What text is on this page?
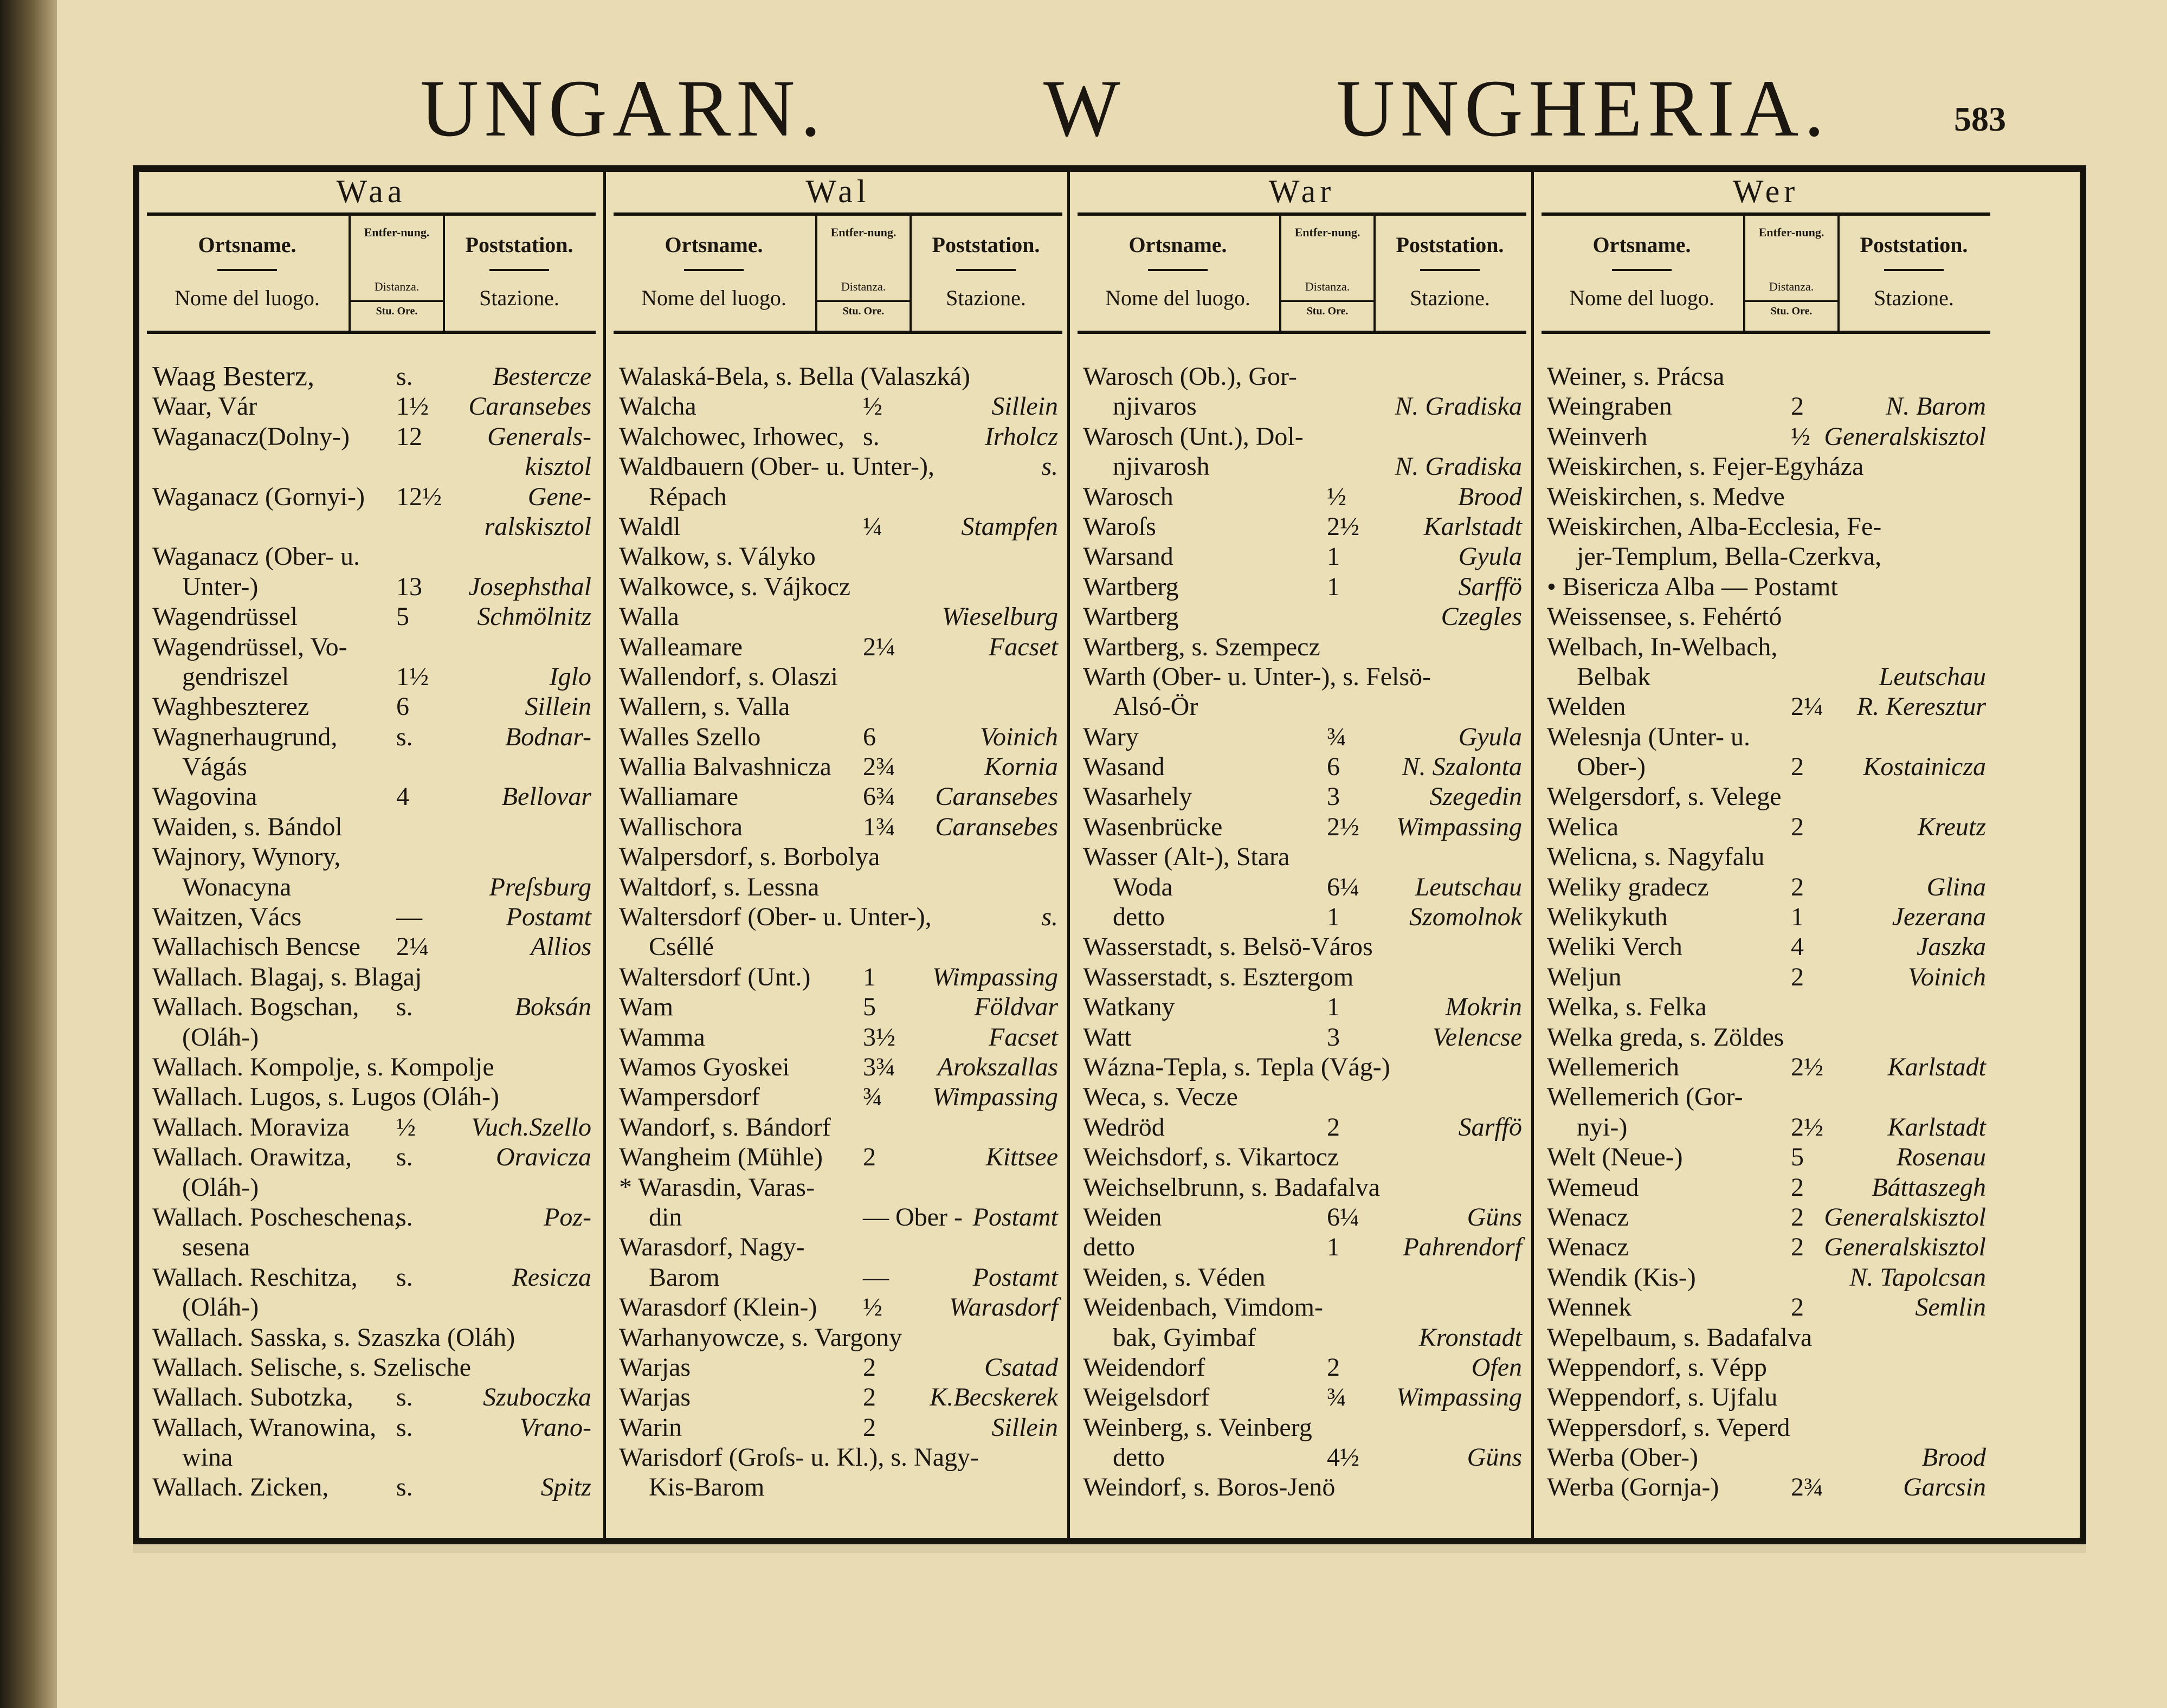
UNGARN.	W	UNGHERIA.	583
Waa
Ortsname.
Nome del luogo.
Entfer-nung.
Distanza.
Stu. Ore.
Poststation.
Stazione.
Waag Besterz,	s.	Bestercze
Waar, Vár	1½ Caransebes
Waganacz(Dolny-) 12	Generals-
kisztol
Waganacz (Gornyi-) 12½	Gene-
ralskisztol
Waganacz (Ober- u.
Unter-)	13 Josephsthal
Wagendrüssel	5	Schmölnitz
Wagendrüssel, Vo-
gendriszel	1½	Iglo
Waghbeszterez	6	Sillein
Wagnerhaugrund, s.	Bodnar-
Vágás
Wagovina	4	Bellovar
Waiden, s. Bándol
Wajnory, Wynory,
Wonacyna	Preſsburg
Waitzen, Vács	—	Postamt
Wallachisch Bencse 2¼	Allios
Wallach. Blagaj, s. Blagaj
Wallach. Bogschan, s.	Boksán
(Oláh-)
Wallach. Kompolje, s. Kompolje
Wallach. Lugos, s. Lugos (Oláh-)
Wallach. Moraviza ½ Vuch.Szello
Wallach. Orawitza, s.	Oravicza
(Oláh-)
Wallach. Poscheschena,
s.	Poz-
sesena
Wallach. Reschitza, s.	Resicza
(Oláh-)
Wallach. Sasska, s. Szaszka (Oláh)
Wallach. Selische, s. Szelische
Wallach. Subotzka, s.	Szuboczka
Wallach, Wranowina, s.	Vrano-
wina
Wallach. Zicken,	s.	Spitz
Wal
Ortsname.
Nome del luogo.
Entfer-nung.
Distanza.
Stu. Ore.
Poststation.
Stazione.
Walaská-Bela, s. Bella (Valaszká)
Walcha	½	Sillein
Walchowec, Irhowec, s.	Irholcz
Waldbauern (Ober- u. Unter-),	s.
Répach
Waldl	¼	Stampfen
Walkow, s. Vályko
Walkowce, s. Vájkocz
Walla	Wieselburg
Walleamare	2¼	Facset
Wallendorf, s. Olaszi
Wallern, s. Valla
Walles Szello	6	Voinich
Wallia Balvashnicza 2¾	Kornia
Walliamare	6¾ Caransebes
Wallischora	1¾ Caransebes
Walpersdorf, s. Borbolya
Waltdorf, s. Lessna
Waltersdorf (Ober- u. Unter-),	s.
Cséllé
Waltersdorf (Unt.) 1 Wimpassing
Wam	5	Földvar
Wamma	3½	Facset
Wamos Gyoskei	3¾ Arokszallas
Wampersdorf	¾ Wimpassing
Wandorf, s. Bándorf
Wangheim (Mühle) 2	Kittsee
* Warasdin, Varas-
din	— Ober - Postamt
Warasdorf, Nagy-
Barom	—	Postamt
Warasdorf (Klein-) ½	Warasdorf
Warhanyowcze, s. Vargony
Warjas	2	Csatad
Warjas	2 K.Becskerek
Warin	2	Sillein
Warisdorf (Groſs- u. Kl.), s. Nagy-
Kis-Barom
War
Ortsname.
Nome del luogo.
Entfer-nung.
Distanza.
Stu. Ore.
Poststation.
Stazione.
Warosch (Ob.), Gor-
njivaros	N. Gradiska
Warosch (Unt.), Dol-
njivarosh	N. Gradiska
Warosch	½	Brood
Waroſs	2½ Karlstadt
Warsand	1	Gyula
Wartberg	1	Sarffö
Wartberg	Czegles
Wartberg, s. Szempecz
Warth (Ober- u. Unter-), s. Felsö-
Alsó-Ör
Wary	¾	Gyula
Wasand	6 N. Szalonta
Wasarhely	3	Szegedin
Wasenbrücke	2½ Wimpassing
Wasser (Alt-), Stara
Woda	6¼ Leutschau
detto	1	Szomolnok
Wasserstadt, s. Belsö-Város
Wasserstadt, s. Esztergom
Watkany	1	Mokrin
Watt	3	Velencse
Wázna-Tepla, s. Tepla (Vág-)
Weca, s. Vecze
Wedröd	2	Sarffö
Weichsdorf, s. Vikartocz
Weichselbrunn, s. Badafalva
Weiden	6¼	Güns
detto	1 Pahrendorf
Weiden, s. Véden
Weidenbach, Vimdom-
bak, Gyimbaf	Kronstadt
Weidendorf	2	Ofen
Weigelsdorf	¾ Wimpassing
Weinberg, s. Veinberg
detto	4½	Güns
Weindorf, s. Boros-Jenö
Wer
Ortsname.
Nome del luogo.
Entfer-nung.
Distanza.
Stu. Ore.
Poststation.
Stazione.
Weiner, s. Prácsa
Weingraben	2	N. Barom
Weinverh	½ Generalskisztol
Weiskirchen, s. Fejer-Egyháza
Weiskirchen, s. Medve
Weiskirchen, Alba-Ecclesia, Fe-
jer-Templum, Bella-Czerkva,
• Bisericza Alba — Postamt
Weissensee, s. Fehértó
Welbach, In-Welbach,
Belbak	Leutschau
Welden	2¼ R. Keresztur
Welesnja (Unter- u.
Ober-)	2 Kostainicza
Welgersdorf, s. Velege
Welica	2	Kreutz
Welicna, s. Nagyfalu
Weliky gradecz	2	Glina
Welikykuth	1	Jezerana
Weliki Verch	4	Jaszka
Weljun	2	Voinich
Welka, s. Felka
Welka greda, s. Zöldes
Wellemerich	2½ Karlstadt
Wellemerich (Gor-
nyi-)	2½ Karlstadt
Welt (Neue-)	5	Rosenau
Wemeud	2	Báttaszegh
Wenacz	2 Generalskisztol
Wenacz	2 Generalskisztol
Wendik (Kis-)	N. Tapolcsan
Wennek	2	Semlin
Wepelbaum, s. Badafalva
Weppendorf, s. Vépp
Weppendorf, s. Ujfalu
Weppersdorf, s. Veperd
Werba (Ober-)	Brood
Werba (Gornja-)	2¾	Garcsin
